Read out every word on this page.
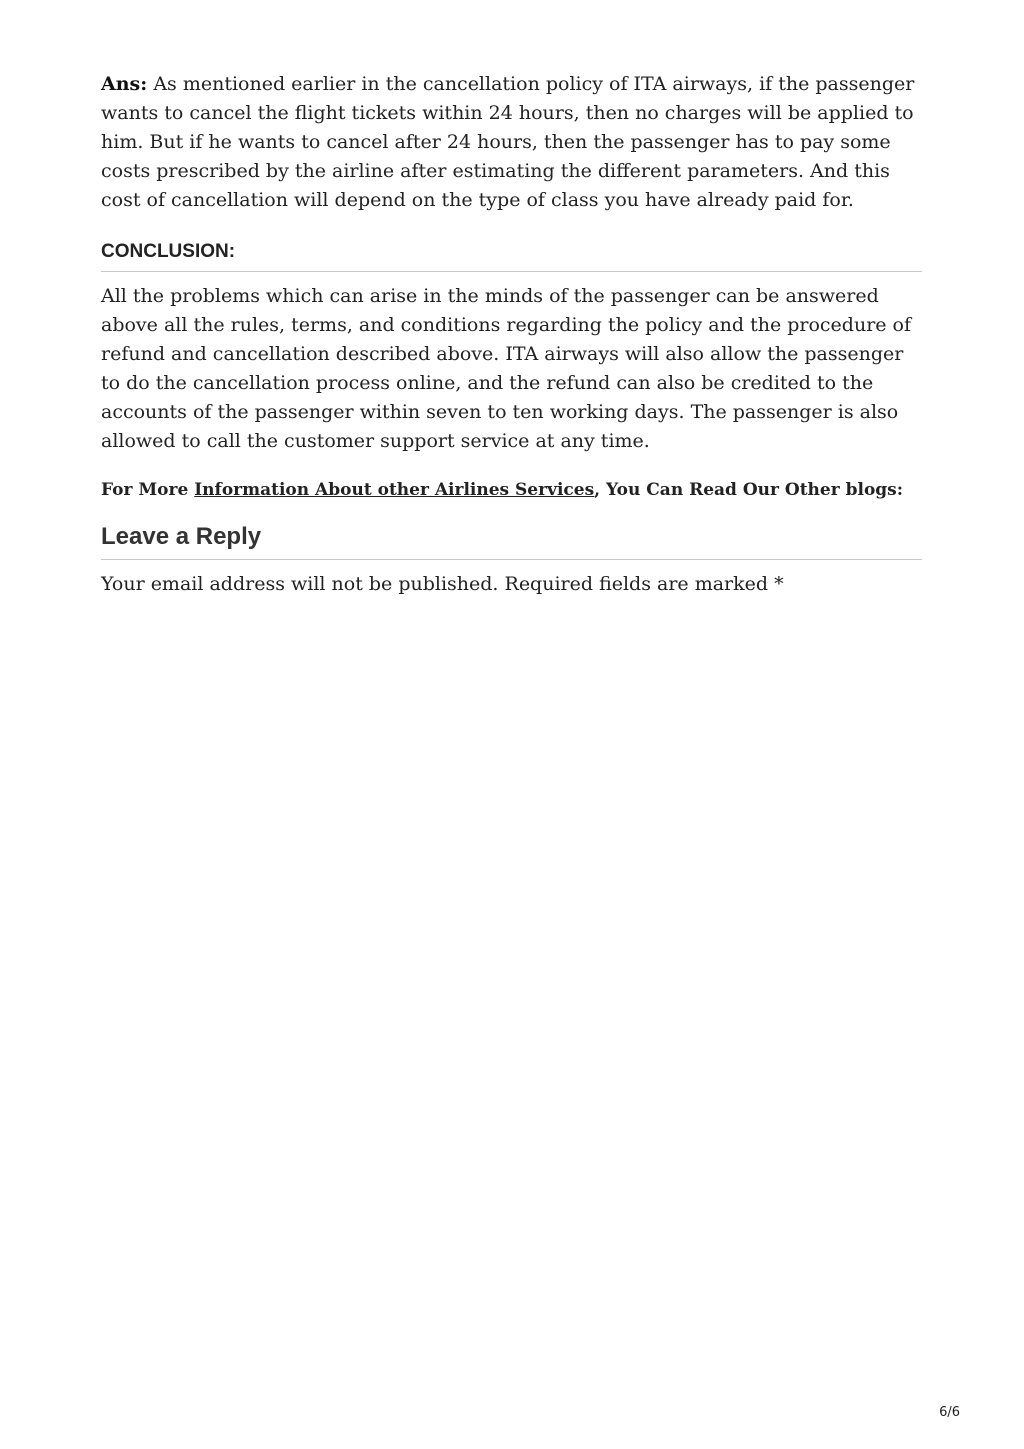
Ans: As mentioned earlier in the cancellation policy of ITA airways, if the passenger wants to cancel the flight tickets within 24 hours, then no charges will be applied to him. But if he wants to cancel after 24 hours, then the passenger has to pay some costs prescribed by the airline after estimating the different parameters. And this cost of cancellation will depend on the type of class you have already paid for.

CONCLUSION:

All the problems which can arise in the minds of the passenger can be answered above all the rules, terms, and conditions regarding the policy and the procedure of refund and cancellation described above. ITA airways will also allow the passenger to do the cancellation process online, and the refund can also be credited to the accounts of the passenger within seven to ten working days. The passenger is also allowed to call the customer support service at any time.

For More Information About other Airlines Services, You Can Read Our Other blogs:

Leave a Reply

Your email address will not be published. Required fields are marked *

6/6
